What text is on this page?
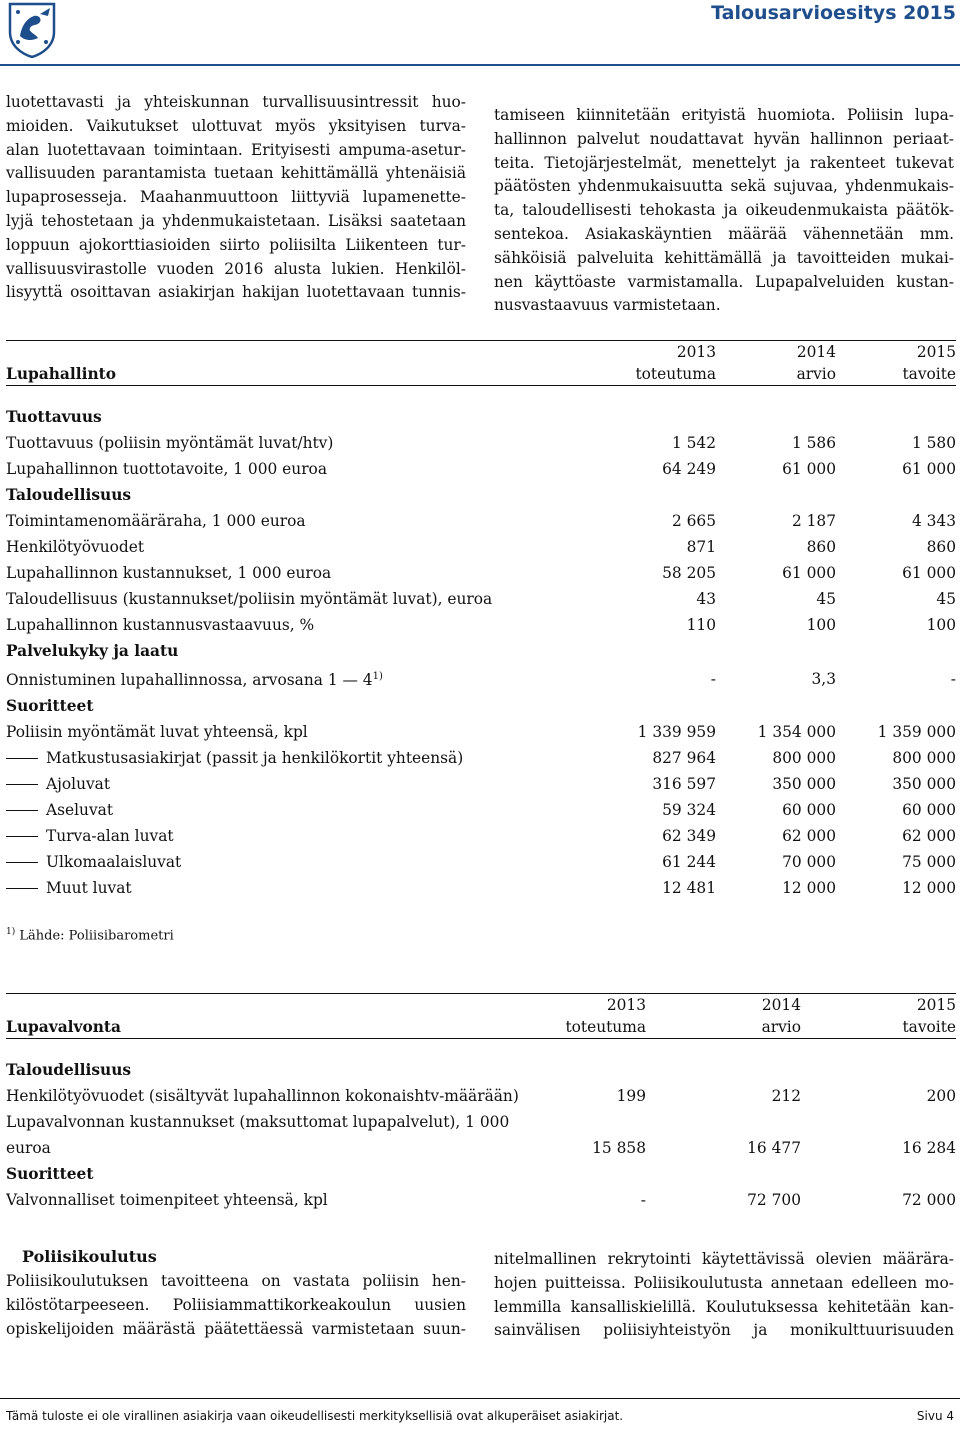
Talousarvioesitys 2015
luotettavasti ja yhteiskunnan turvallisuusintressit huo-
mioiden. Vaikutukset ulottuvat myös yksityisen turva-
alan luotettavaan toimintaan. Erityisesti ampuma-asetur-
vallisuuden parantamista tuetaan kehittämällä yhtenäisiä
lupaprosesseja. Maahanmuuttoon liittyviä lupamenette-
lyjä tehostetaan ja yhdenmukaistetaan. Lisäksi saatetaan
loppuun ajokorttiasioiden siirto poliisilta Liikenteen tur-
vallisuusvirastolle vuoden 2016 alusta lukien. Henkilöl-
lisyyttä osoittavan asiakirjan hakijan luotettavaan tunnis-
tamiseen kiinnitetään erityistä huomiota. Poliisin lupa-
hallinnon palvelut noudattavat hyvän hallinnon periaat-
teita. Tietojärjestelmät, menettelyt ja rakenteet tukevat
päätösten yhdenmukaisuutta sekä sujuvaa, yhdenmukais-
ta, taloudellisesti tehokasta ja oikeudenmukaista päätök-
sentekoa. Asiakaskäyntien määrää vähennetään mm.
sähköisiä palveluita kehittämällä ja tavoitteiden mukai-
nen käyttöaste varmistamalla. Lupapalveluiden kustan-
nusvastaavuus varmistetaan.
	2013	2014	2015
Lupahallinto	toteutuma	arvio	tavoite

Tuottavuus			
Tuottavuus (poliisin myöntämät luvat/htv)	1 542	1 586	1 580
Lupahallinnon tuottotavoite, 1 000 euroa	64 249	61 000	61 000
Taloudellisuus			
Toimintamenomääräraha, 1 000 euroa	2 665	2 187	4 343
Henkilötyövuodet	871	860	860
Lupahallinnon kustannukset, 1 000 euroa	58 205	61 000	61 000
Taloudellisuus (kustannukset/poliisin myöntämät luvat), euroa	43	45	45
Lupahallinnon kustannusvastaavuus, %	110	100	100
Palvelukyky ja laatu			
Onnistuminen lupahallinnossa, arvosana 1 — 4$^{1)}$	-	3,3	-
Suoritteet			
Poliisin myöntämät luvat yhteensä, kpl	1 339 959	1 354 000	1 359 000
Matkustusasiakirjat (passit ja henkilökortit yhteensä)	827 964	800 000	800 000
Ajoluvat	316 597	350 000	350 000
Aseluvat	59 324	60 000	60 000
Turva-alan luvat	62 349	62 000	62 000
Ulkomaalaisluvat	61 244	70 000	75 000
Muut luvat	12 481	12 000	12 000
$^{1)}$ Lähde: Poliisibarometri
	2013	2014	2015
Lupavalvonta	toteutuma	arvio	tavoite

Taloudellisuus			
Henkilötyövuodet (sisältyvät lupahallinnon kokonaishtv-määrään)	199	212	200
Lupavalvonnan kustannukset (maksuttomat lupapalvelut), 1 000			
euroa	15 858	16 477	16 284
Suoritteet			
Valvonnalliset toimenpiteet yhteensä, kpl	-	72 700	72 000
Poliisikoulutus
Poliisikoulutuksen tavoitteena on vastata poliisin hen-
kilöstötarpeeseen. Poliisiammattikorkeakoulun uusien
opiskelijoiden määrästä päätettäessä varmistetaan suun-
nitelmallinen rekrytointi käytettävissä olevien määrära-
hojen puitteissa. Poliisikoulutusta annetaan edelleen mo-
lemmilla kansalliskielillä. Koulutuksessa kehitetään kan-
sainvälisen poliisiyhteistyön ja monikulttuurisuuden
Tämä tuloste ei ole virallinen asiakirja vaan oikeudellisesti merkityksellisiä ovat alkuperäiset asiakirjat.	Sivu 4
